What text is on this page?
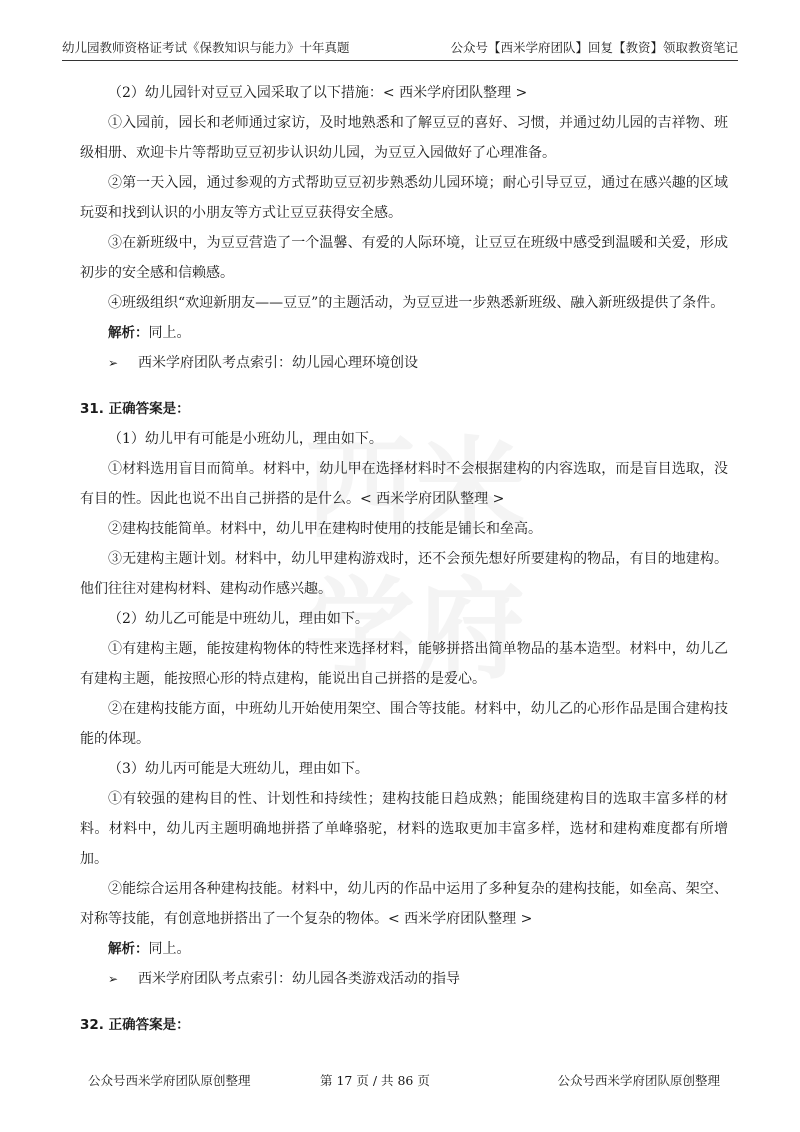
幼儿园教师资格证考试《保教知识与能力》十年真题	公众号【西米学府团队】回复【教资】领取教资笔记

（2）幼儿园针对豆豆入园采取了以下措施：< 西米学府团队整理 >

①入园前，园长和老师通过家访，及时地熟悉和了解豆豆的喜好、习惯，并通过幼儿园的吉祥物、班级相册、欢迎卡片等帮助豆豆初步认识幼儿园，为豆豆入园做好了心理准备。

②第一天入园，通过参观的方式帮助豆豆初步熟悉幼儿园环境；耐心引导豆豆，通过在感兴趣的区域玩耍和找到认识的小朋友等方式让豆豆获得安全感。

③在新班级中，为豆豆营造了一个温馨、有爱的人际环境，让豆豆在班级中感受到温暖和关爱，形成初步的安全感和信赖感。

④班级组织“欢迎新朋友——豆豆”的主题活动，为豆豆进一步熟悉新班级、融入新班级提供了条件。

解析：同上。

➢	西米学府团队考点索引：幼儿园心理环境创设

31. 正确答案是：

（1）幼儿甲有可能是小班幼儿，理由如下。

①材料选用盲目而简单。材料中，幼儿甲在选择材料时不会根据建构的内容选取，而是盲目选取，没有目的性。因此也说不出自己拼搭的是什么。< 西米学府团队整理 >

②建构技能简单。材料中，幼儿甲在建构时使用的技能是铺长和垒高。

③无建构主题计划。材料中，幼儿甲建构游戏时，还不会预先想好所要建构的物品，有目的地建构。他们往往对建构材料、建构动作感兴趣。

（2）幼儿乙可能是中班幼儿，理由如下。

①有建构主题，能按建构物体的特性来选择材料，能够拼搭出简单物品的基本造型。材料中，幼儿乙有建构主题，能按照心形的特点建构，能说出自己拼搭的是爱心。

②在建构技能方面，中班幼儿开始使用架空、围合等技能。材料中，幼儿乙的心形作品是围合建构技能的体现。

（3）幼儿丙可能是大班幼儿，理由如下。

①有较强的建构目的性、计划性和持续性；建构技能日趋成熟；能围绕建构目的选取丰富多样的材料。材料中，幼儿丙主题明确地拼搭了单峰骆驼，材料的选取更加丰富多样，选材和建构难度都有所增加。

②能综合运用各种建构技能。材料中，幼儿丙的作品中运用了多种复杂的建构技能，如垒高、架空、对称等技能，有创意地拼搭出了一个复杂的物体。< 西米学府团队整理 >

解析：同上。

➢	西米学府团队考点索引：幼儿园各类游戏活动的指导

32. 正确答案是：

公众号西米学府团队原创整理	第 17 页 / 共 86 页	公众号西米学府团队原创整理
